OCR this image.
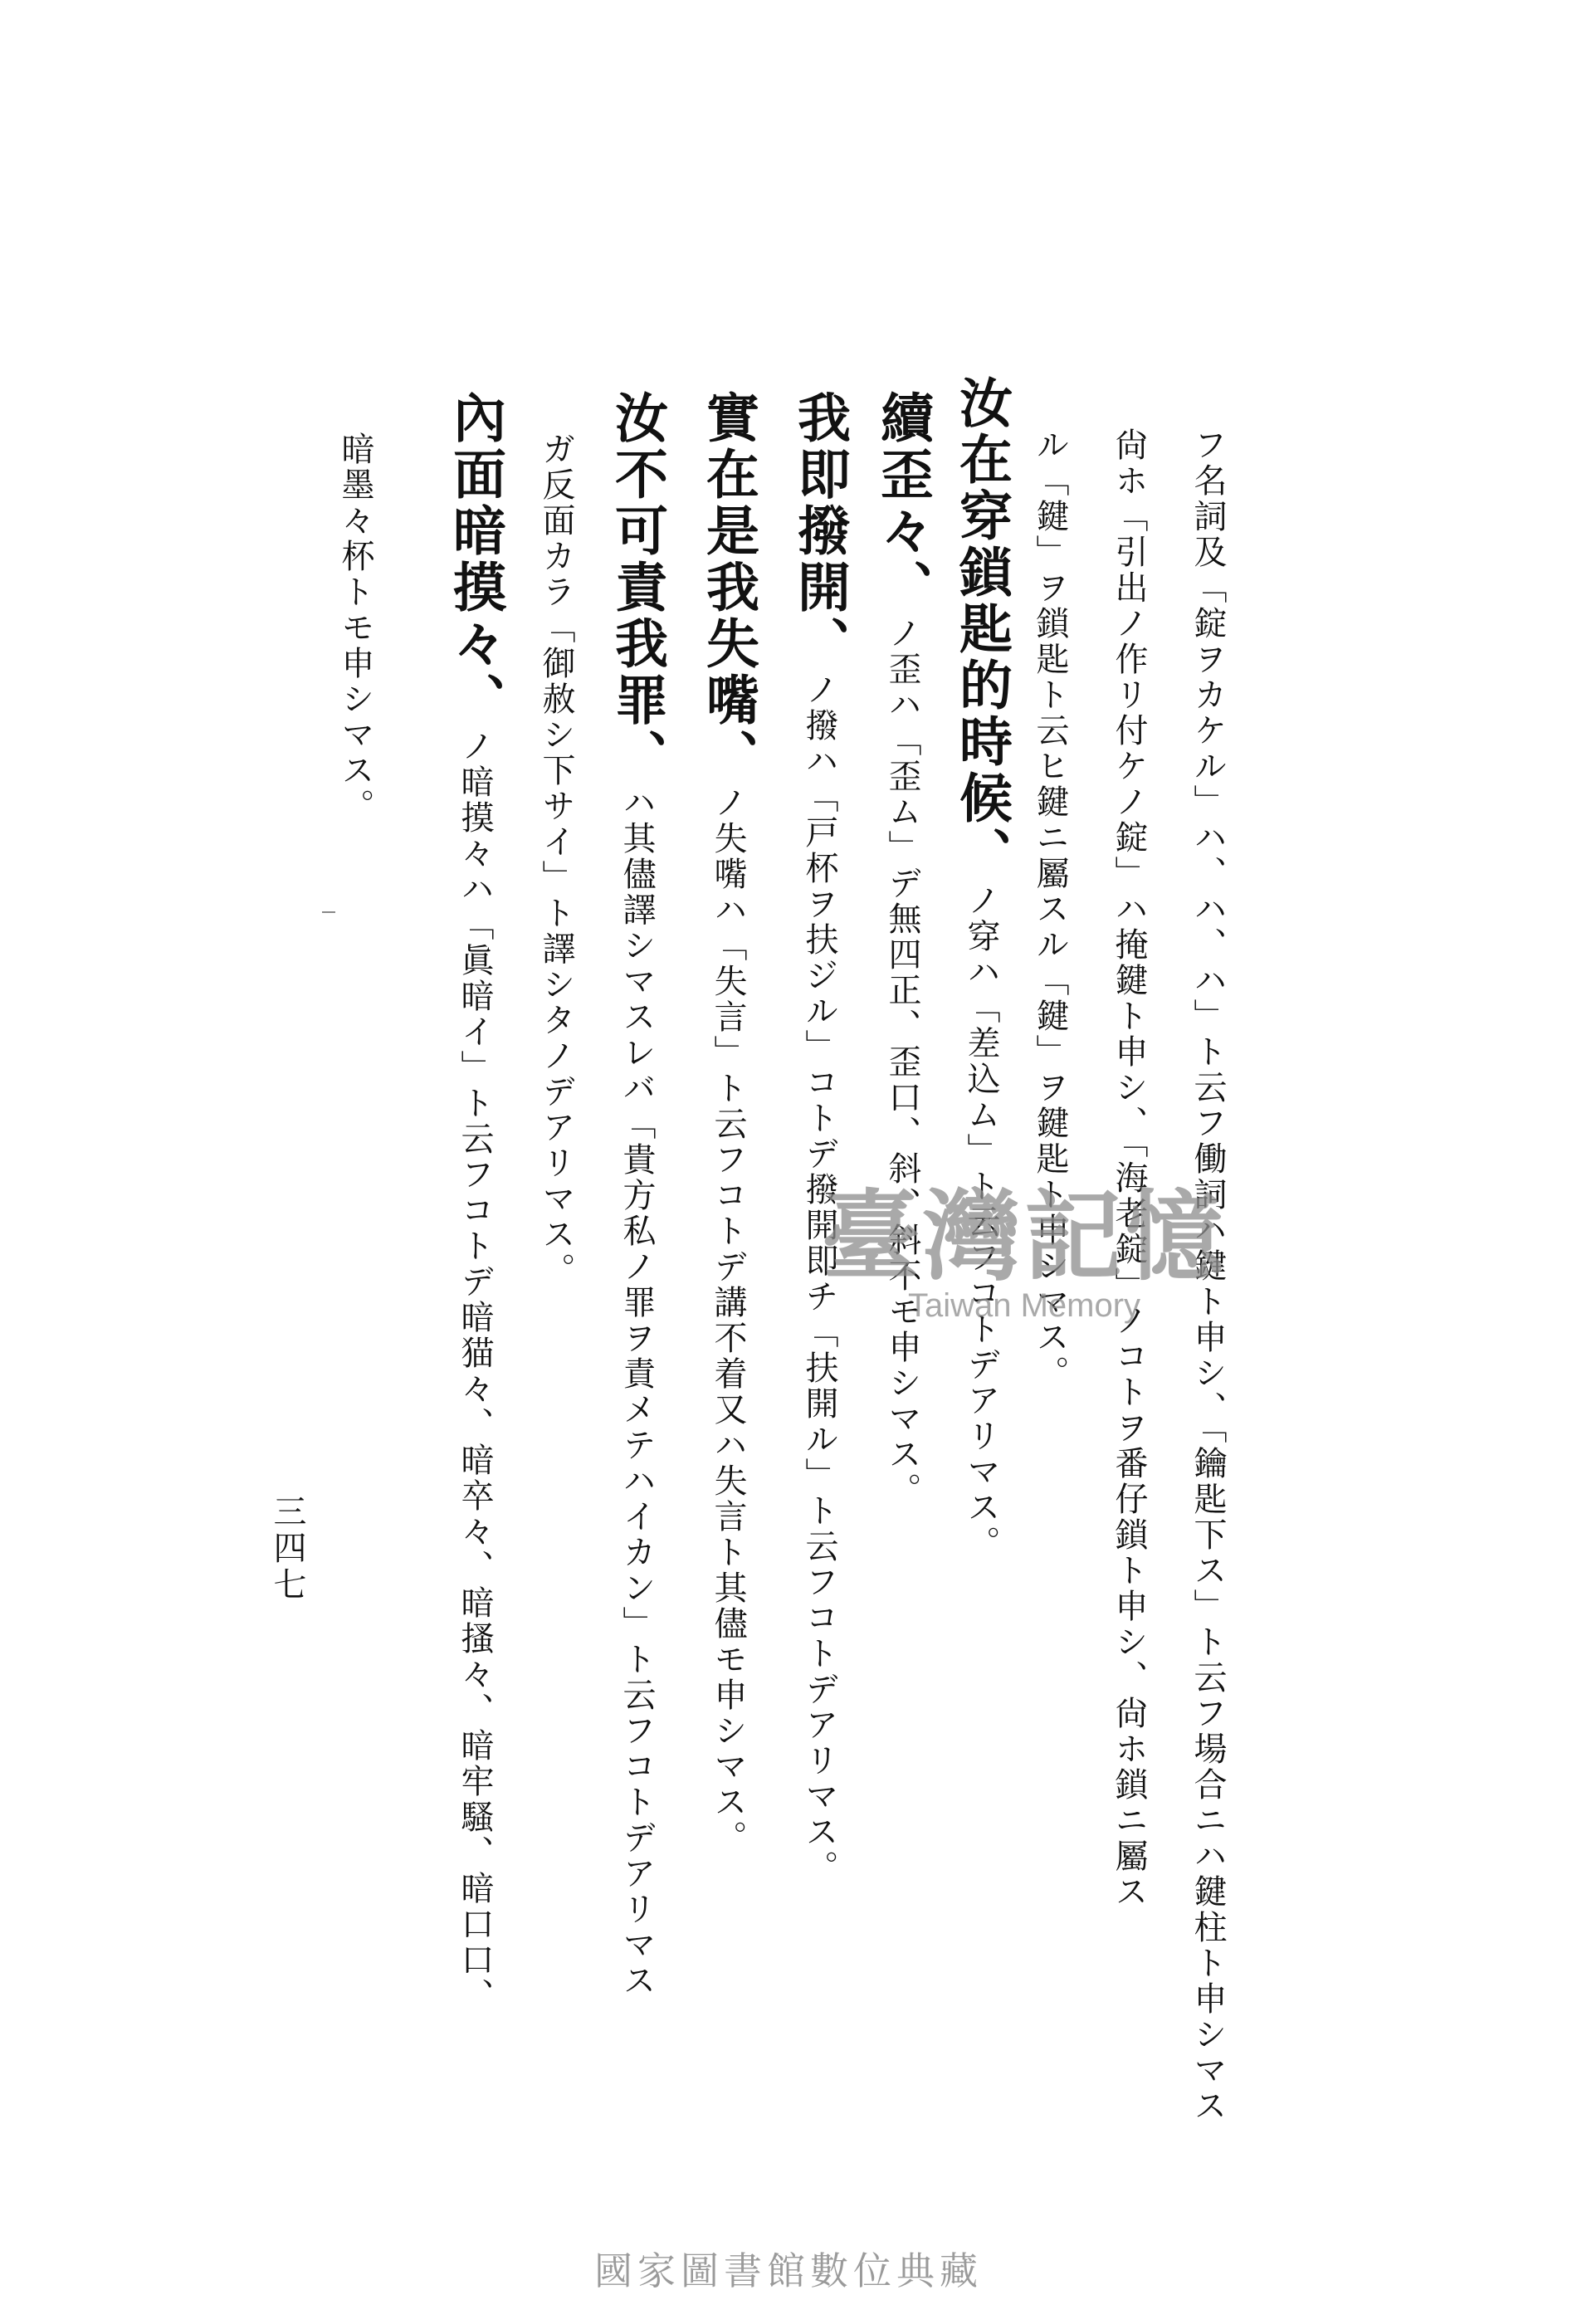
フ名詞及「錠ヲカケル」ハ、ハ、ハ」ト云フ働詞ハ鍵ト申シ、「鑰匙下ス」ト云フ場合ニハ鍵柱ト申シマス
尙ホ「引出ノ作リ付ケノ錠」ハ掩鍵ト申シ、「海老錠」ノコトヲ番仔鎖ト申シ、尙ホ鎖ニ屬ス
ル「鍵」ヲ鎖匙ト云ヒ鍵ニ屬スル「鍵」ヲ鍵匙ト申シマス。
汝在穿鎖匙的時候、ノ穿ハ「差込ム」ト云フコトデアリマス。
續歪々、ノ歪ハ「歪ム」デ無四正、歪口、斜、斜不モ申シマス。
我即撥開、ノ撥ハ「戸杯ヲ扶ジル」コトデ撥開即チ「扶開ル」ト云フコトデアリマス。
實在是我失嘴、ノ失嘴ハ「失言」ト云フコトデ講不着又ハ失言ト其儘モ申シマス。
汝不可責我罪、ハ其儘譯シマスレバ「貴方私ノ罪ヲ責メテハイカン」ト云フコトデアリマス
ガ反面カラ「御赦シ下サイ」ト譯シタノデアリマス。
內面暗摸々、ノ暗摸々ハ「眞暗イ」ト云フコトデ暗猫々、暗卒々、暗搔々、暗牢騷、暗口口、
暗墨々杯トモ申シマス。
三四七
臺灣記憶
Taiwan Memory
國家圖書館數位典藏
